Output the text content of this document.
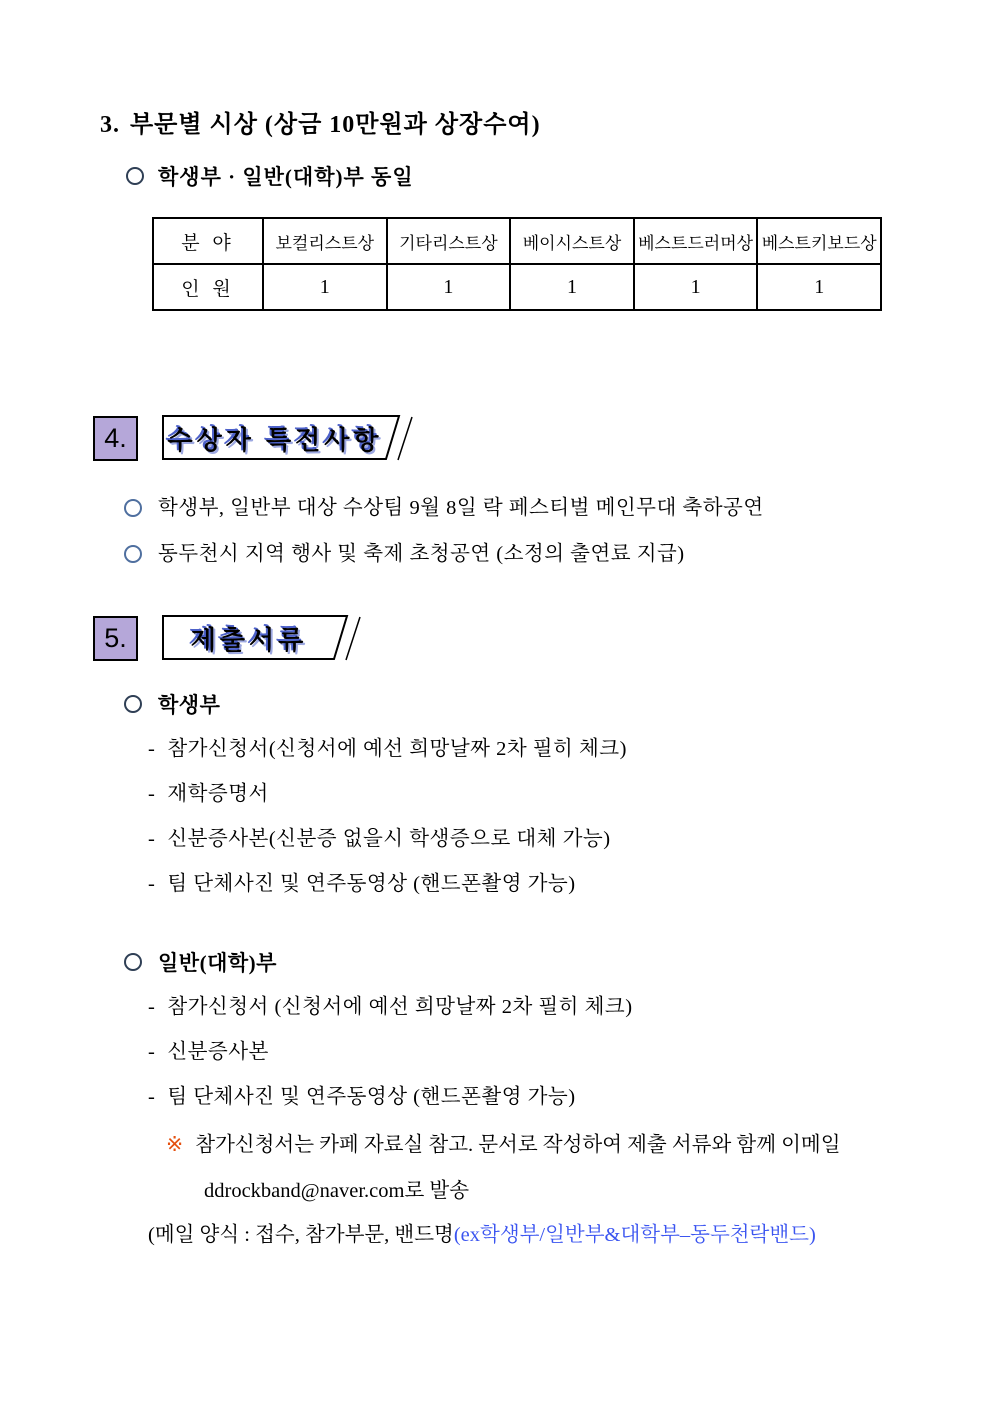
3. 부문별 시상 (상금 10만원과 상장수여)
학생부 · 일반(대학)부 동일
분 야	보컬리스트상	기타리스트상	베이시스트상	베스트드러머상	베스트키보드상
인 원	1	1	1	1	1
4.	수상자 특전사항
학생부, 일반부 대상 수상팀 9월 8일 락 페스티벌 메인무대 축하공연
동두천시 지역 행사 및 축제 초청공연 (소정의 출연료 지급)
5.	제출서류
학생부
- 참가신청서(신청서에 예선 희망날짜 2차 필히 체크)
- 재학증명서
- 신분증사본(신분증 없을시 학생증으로 대체 가능)
- 팀 단체사진 및 연주동영상 (핸드폰촬영 가능)
일반(대학)부
- 참가신청서 (신청서에 예선 희망날짜 2차 필히 체크)
- 신분증사본
- 팀 단체사진 및 연주동영상 (핸드폰촬영 가능)
※ 참가신청서는 카페 자료실 참고. 문서로 작성하여 제출 서류와 함께 이메일
ddrockband@naver.com로 발송
(메일 양식 : 접수, 참가부문, 밴드명(ex학생부/일반부&대학부–동두천락밴드)
